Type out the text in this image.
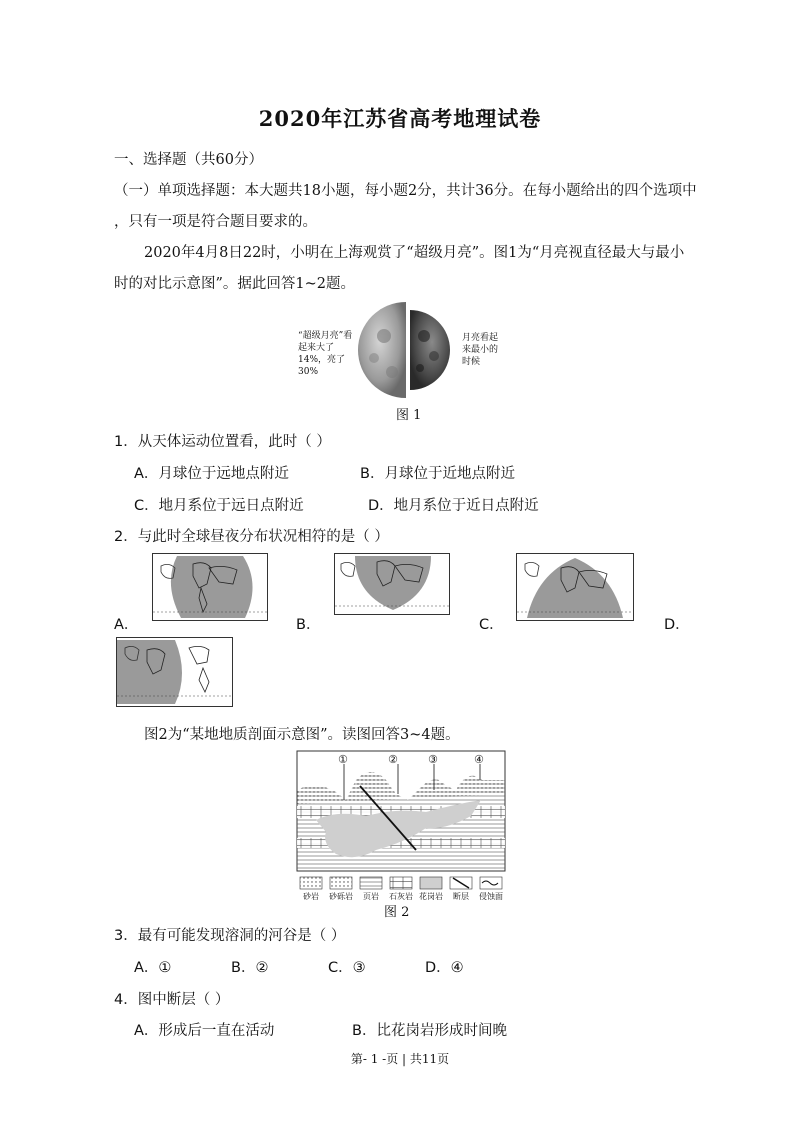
2020年江苏省高考地理试卷
一、选择题（共60分）
（一）单项选择题：本大题共18小题，每小题2分，共计36分。在每小题给出的四个选项中
，只有一项是符合题目要求的。
2020年4月8日22时，小明在上海观赏了“超级月亮”。图1为“月亮视直径最大与最小
时的对比示意图”。据此回答1~2题。
“超级月亮”看起来大了14%，亮了30%
月亮看起来最小的时候
图 1
1．从天体运动位置看，此时（ ）
A．月球位于远地点附近	B．月球位于近地点附近
C．地月系位于远日点附近	D．地月系位于近日点附近
2．与此时全球昼夜分布状况相符的是（ ）
A．	B．	C．	D．
图2为“某地地质剖面示意图”。读图回答3~4题。
①	②	③	④
砂岩	砂砾岩	页岩	石灰岩 花岗岩	断层	侵蚀面
图 2
3．最有可能发现溶洞的河谷是（ ）
A．①	B．②	C．③	D．④
4．图中断层（ ）
A．形成后一直在活动	B．比花岗岩形成时间晚
第- 1 -页 | 共11页
